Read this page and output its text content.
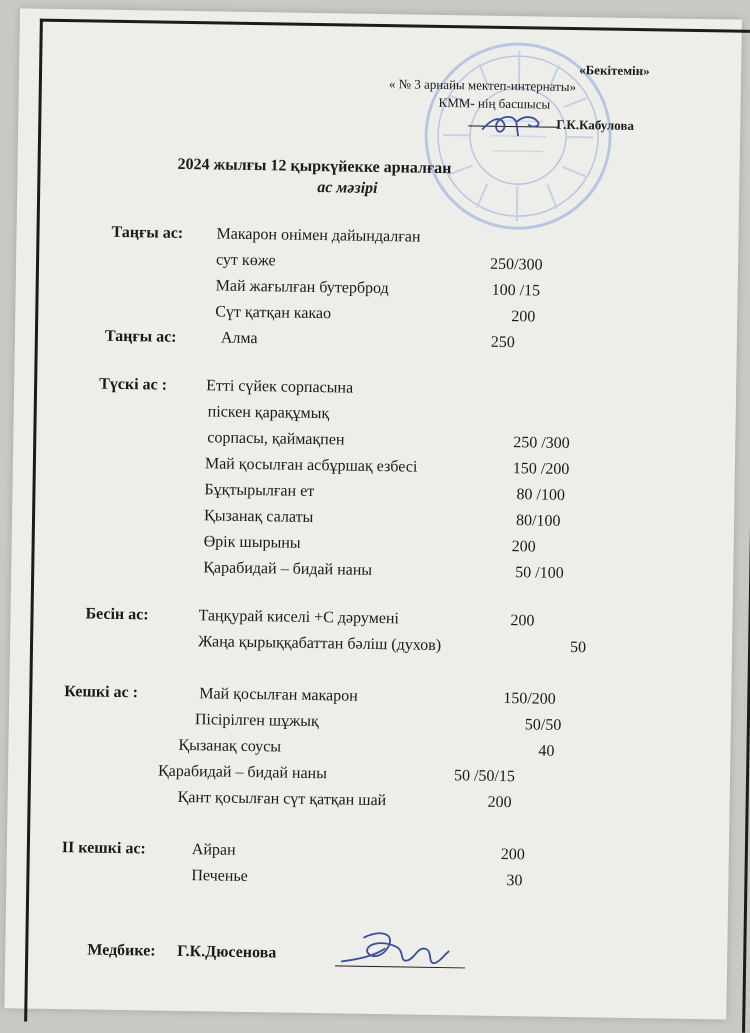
«Бекітемін»
« № 3 арнайы мектеп-интернаты»
КММ- нің басшысы
Г.К.Кабулова
2024 жылғы 12 қыркүйекке арналған
ас мәзірі
Таңғы ас: Макарон онімен дайындалған
сут көже	250/300
Май жағылған бутерброд	100 /15
Сүт қатқан какао	200
Таңғы ас:	Алма	250
Түскі ас : Етті сүйек сорпасына
піскен қарақұмық
сорпасы, қаймақпен	250 /300
Май қосылған асбұршақ езбесі	150 /200
Бұқтырылған ет	80 /100
Қызанақ салаты	80/100
Өрік шырыны	200
Қарабидай – бидай наны	50 /100
Бесін ас:	Таңқурай киселі +С дәрумені	200
Жаңа қырыққабаттан бәліш (духов)	50
Кешкі ас :	Май қосылған макарон	150/200
Пісірілген шұжық	50/50
Қызанақ соусы	40
Қарабидай – бидай наны	50 /50/15
Қант қосылған сүт қатқан шай	200
ІІ кешкі ас:	Айран	200
Печенье	30
Медбике: Г.К.Дюсенова
